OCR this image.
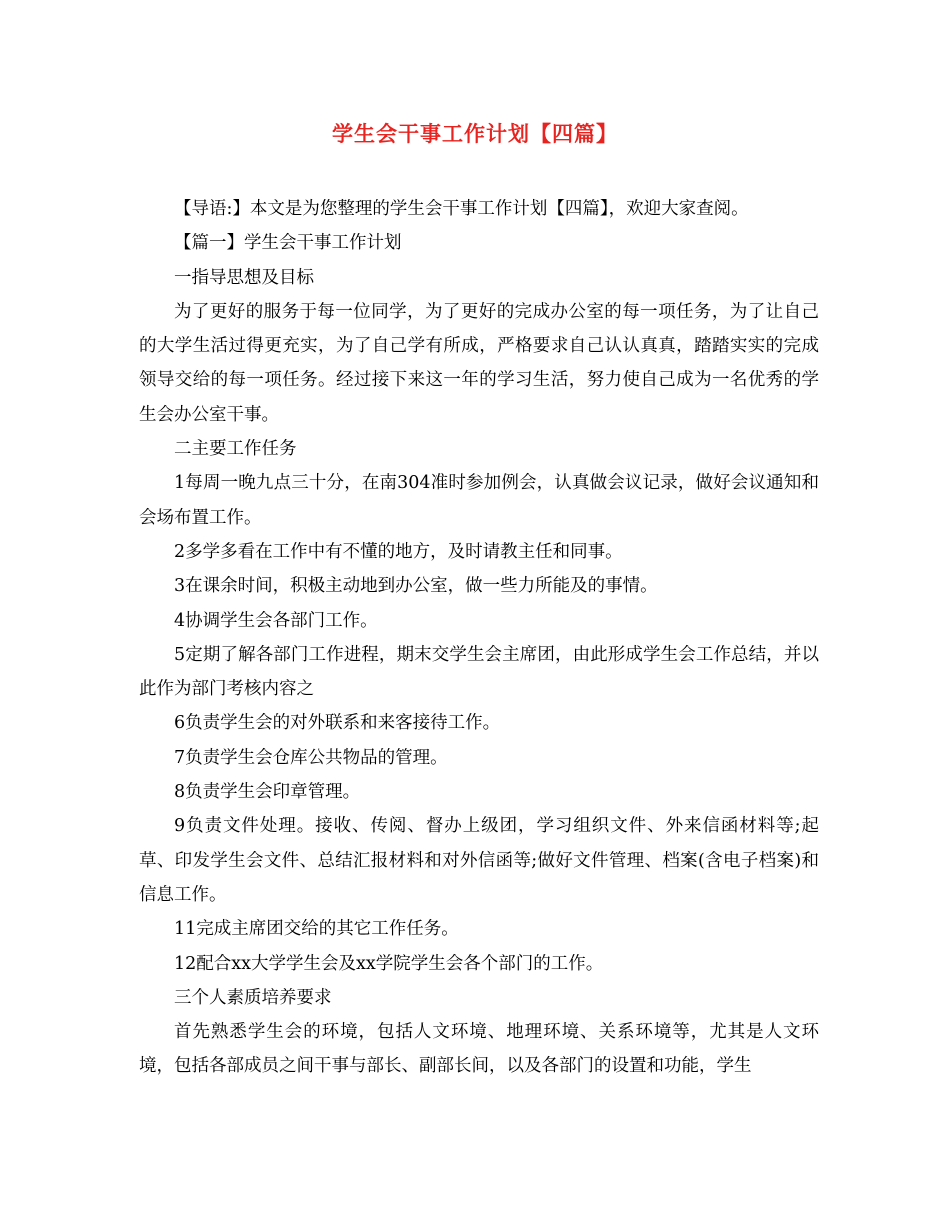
学生会干事工作计划【四篇】

【导语:】本文是为您整理的学生会干事工作计划【四篇】，欢迎大家查阅。

【篇一】学生会干事工作计划

一指导思想及目标

为了更好的服务于每一位同学，为了更好的完成办公室的每一项任务，为了让自己的大学生活过得更充实，为了自己学有所成，严格要求自己认认真真，踏踏实实的完成领导交给的每一项任务。经过接下来这一年的学习生活，努力使自己成为一名优秀的学生会办公室干事。

二主要工作任务

1每周一晚九点三十分，在南304准时参加例会，认真做会议记录，做好会议通知和会场布置工作。

2多学多看在工作中有不懂的地方，及时请教主任和同事。

3在课余时间，积极主动地到办公室，做一些力所能及的事情。

4协调学生会各部门工作。

5定期了解各部门工作进程，期末交学生会主席团，由此形成学生会工作总结，并以此作为部门考核内容之

6负责学生会的对外联系和来客接待工作。

7负责学生会仓库公共物品的管理。

8负责学生会印章管理。

9负责文件处理。接收、传阅、督办上级团，学习组织文件、外来信函材料等;起草、印发学生会文件、总结汇报材料和对外信函等;做好文件管理、档案(含电子档案)和信息工作。

11完成主席团交给的其它工作任务。

12配合xx大学学生会及xx学院学生会各个部门的工作。

三个人素质培养要求

首先熟悉学生会的环境，包括人文环境、地理环境、关系环境等，尤其是人文环境，包括各部成员之间干事与部长、副部长间，以及各部门的设置和功能，学生
